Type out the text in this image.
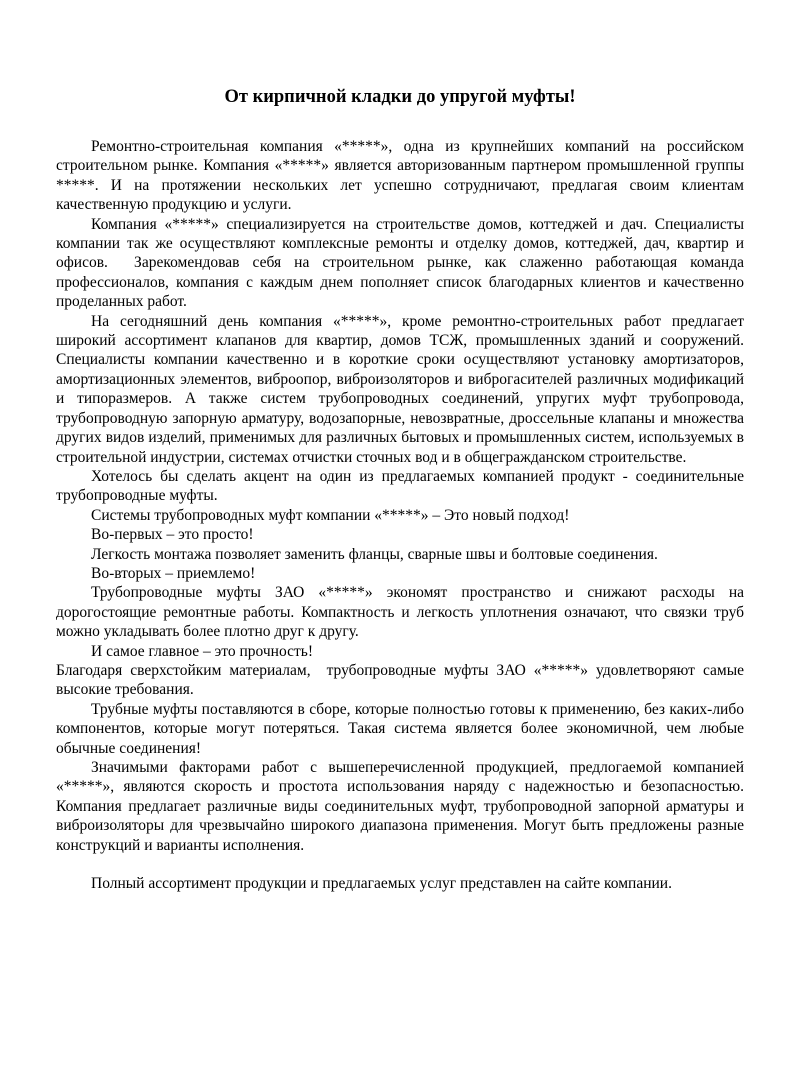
От кирпичной кладки до упругой муфты!

Ремонтно-строительная компания «*****», одна из крупнейших компаний на российском строительном рынке. Компания «*****» является авторизованным партнером промышленной группы *****. И на протяжении нескольких лет успешно сотрудничают, предлагая своим клиентам качественную продукцию и услуги.

Компания «*****» специализируется на строительстве домов, коттеджей и дач. Специалисты компании так же осуществляют комплексные ремонты и отделку домов, коттеджей, дач, квартир и офисов.  Зарекомендовав себя на строительном рынке, как слаженно работающая команда профессионалов, компания с каждым днем пополняет список благодарных клиентов и качественно проделанных работ.

На сегодняшний день компания «*****», кроме ремонтно-строительных работ предлагает широкий ассортимент клапанов для квартир, домов ТСЖ, промышленных зданий и сооружений. Специалисты компании качественно и в короткие сроки осуществляют установку амортизаторов, амортизационных элементов, виброопор, виброизоляторов и виброгасителей различных модификаций и типоразмеров. А также систем трубопроводных соединений, упругих муфт трубопровода, трубопроводную запорную арматуру, водозапорные, невозвратные, дроссельные клапаны и множества других видов изделий, применимых для различных бытовых и промышленных систем, используемых в строительной индустрии, системах отчистки сточных вод и в общегражданском строительстве.

Хотелось бы сделать акцент на один из предлагаемых компанией продукт - соединительные трубопроводные муфты.

Системы трубопроводных муфт компании «*****» – Это новый подход!

Во-первых – это просто!

Легкость монтажа позволяет заменить фланцы, сварные швы и болтовые соединения.

Во-вторых – приемлемо!

Трубопроводные муфты ЗАО «*****» экономят пространство и снижают расходы на дорогостоящие ремонтные работы. Компактность и легкость уплотнения означают, что связки труб можно укладывать более плотно друг к другу.

И самое главное – это прочность!

Благодаря сверхстойким материалам,  трубопроводные муфты ЗАО «*****» удовлетворяют самые высокие требования.

Трубные муфты поставляются в сборе, которые полностью готовы к применению, без каких-либо компонентов, которые могут потеряться. Такая система является более экономичной, чем любые обычные соединения!

Значимыми факторами работ с вышеперечисленной продукцией, предлогаемой компанией «*****», являются скорость и простота использования наряду с надежностью и безопасностью. Компания предлагает различные виды соединительных муфт, трубопроводной запорной арматуры и виброизоляторы для чрезвычайно широкого диапазона применения. Могут быть предложены разные конструкций и варианты исполнения.

Полный ассортимент продукции и предлагаемых услуг представлен на сайте компании.
